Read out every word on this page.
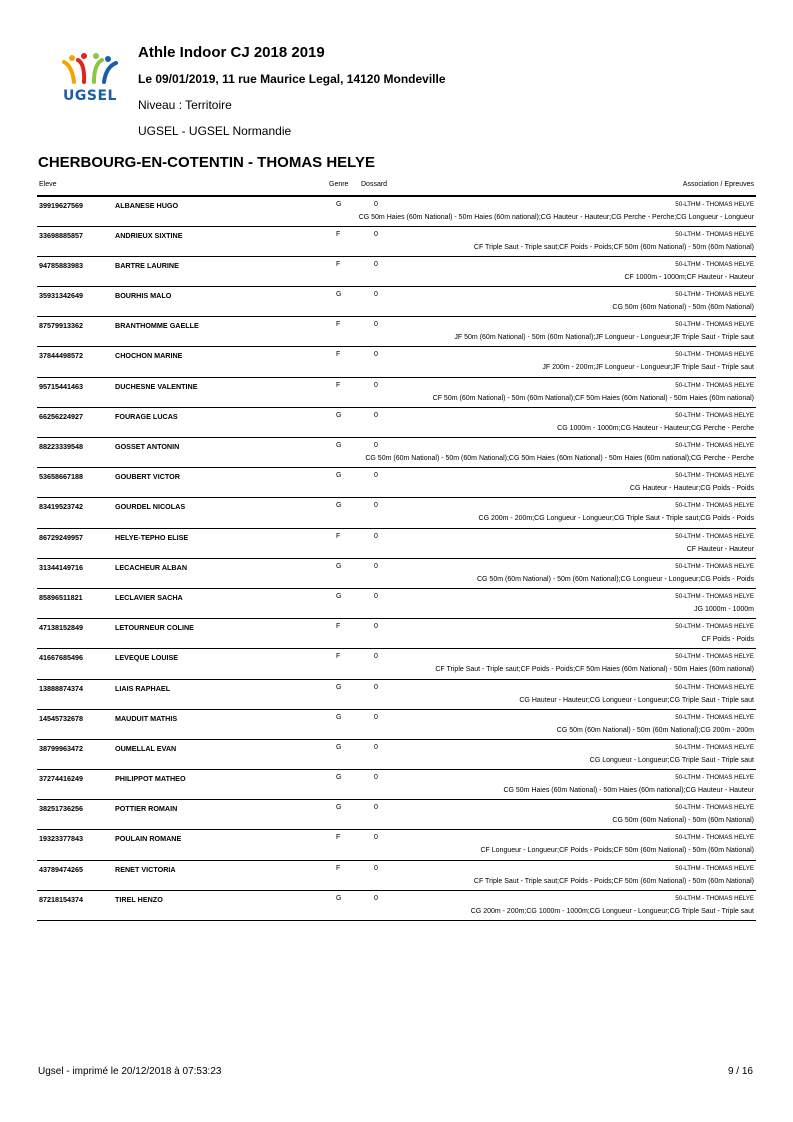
UGSEL
Athle Indoor CJ 2018 2019
Le 09/01/2019, 11 rue Maurice Legal, 14120 Mondeville
Niveau : Territoire
UGSEL - UGSEL Normandie
CHERBOURG-EN-COTENTIN - THOMAS HELYE
Eleve	Genre Dossard	Association / Epreuves
39919627569	ALBANESE HUGO	G	0	50-LTHM - THOMAS HELYE
CG 50m Haies (60m National) - 50m Haies (60m national);CG Hauteur - Hauteur;CG Perche - Perche;CG Longueur - Longueur
33698885857	ANDRIEUX SIXTINE	F	0	50-LTHM - THOMAS HELYE
CF Triple Saut - Triple saut;CF Poids - Poids;CF 50m (60m National) - 50m (60m National)
94785883983	BARTRE LAURINE	F	0	50-LTHM - THOMAS HELYE
CF 1000m - 1000m;CF Hauteur - Hauteur
35931342649	BOURHIS MALO	G	0	50-LTHM - THOMAS HELYE
CG 50m (60m National) - 50m (60m National)
87579913362	BRANTHOMME GAELLE	F	0	50-LTHM - THOMAS HELYE
JF 50m (60m National) - 50m (60m National);JF Longueur - Longueur;JF Triple Saut - Triple saut
37844498572	CHOCHON MARINE	F	0	50-LTHM - THOMAS HELYE
JF 200m - 200m;JF Longueur - Longueur;JF Triple Saut - Triple saut
95715441463	DUCHESNE VALENTINE	F	0	50-LTHM - THOMAS HELYE
CF 50m (60m National) - 50m (60m National);CF 50m Haies (60m National) - 50m Haies (60m national)
66256224927	FOURAGE LUCAS	G	0	50-LTHM - THOMAS HELYE
CG 1000m - 1000m;CG Hauteur - Hauteur;CG Perche - Perche
88223339548	GOSSET ANTONIN	G	0	50-LTHM - THOMAS HELYE
CG 50m (60m National) - 50m (60m National);CG 50m Haies (60m National) - 50m Haies (60m national);CG Perche - Perche
53658667188	GOUBERT VICTOR	G	0	50-LTHM - THOMAS HELYE
CG Hauteur - Hauteur;CG Poids - Poids
83419523742	GOURDEL NICOLAS	G	0	50-LTHM - THOMAS HELYE
CG 200m - 200m;CG Longueur - Longueur;CG Triple Saut - Triple saut;CG Poids - Poids
86729249957	HELYE-TEPHO ELISE	F	0	50-LTHM - THOMAS HELYE
CF Hauteur - Hauteur
31344149716	LECACHEUR ALBAN	G	0	50-LTHM - THOMAS HELYE
CG 50m (60m National) - 50m (60m National);CG Longueur - Longueur;CG Poids - Poids
85896511821	LECLAVIER SACHA	G	0	50-LTHM - THOMAS HELYE
JG 1000m - 1000m
47138152849	LETOURNEUR COLINE	F	0	50-LTHM - THOMAS HELYE
CF Poids - Poids
41667685496	LEVEQUE LOUISE	F	0	50-LTHM - THOMAS HELYE
CF Triple Saut - Triple saut;CF Poids - Poids;CF 50m Haies (60m National) - 50m Haies (60m national)
13888874374	LIAIS RAPHAEL	G	0	50-LTHM - THOMAS HELYE
CG Hauteur - Hauteur;CG Longueur - Longueur;CG Triple Saut - Triple saut
14545732678	MAUDUIT MATHIS	G	0	50-LTHM - THOMAS HELYE
CG 50m (60m National) - 50m (60m National);CG 200m - 200m
38799963472	OUMELLAL EVAN	G	0	50-LTHM - THOMAS HELYE
CG Longueur - Longueur;CG Triple Saut - Triple saut
37274416249	PHILIPPOT MATHEO	G	0	50-LTHM - THOMAS HELYE
CG 50m Haies (60m National) - 50m Haies (60m national);CG Hauteur - Hauteur
38251736256	POTTIER ROMAIN	G	0	50-LTHM - THOMAS HELYE
CG 50m (60m National) - 50m (60m National)
19323377843	POULAIN ROMANE	F	0	50-LTHM - THOMAS HELYE
CF Longueur - Longueur;CF Poids - Poids;CF 50m (60m National) - 50m (60m National)
43789474265	RENET VICTORIA	F	0	50-LTHM - THOMAS HELYE
CF Triple Saut - Triple saut;CF Poids - Poids;CF 50m (60m National) - 50m (60m National)
87218154374	TIREL HENZO	G	0	50-LTHM - THOMAS HELYE
CG 200m - 200m;CG 1000m - 1000m;CG Longueur - Longueur;CG Triple Saut - Triple saut
Ugsel - imprimé le 20/12/2018 à 07:53:23	9 / 16
